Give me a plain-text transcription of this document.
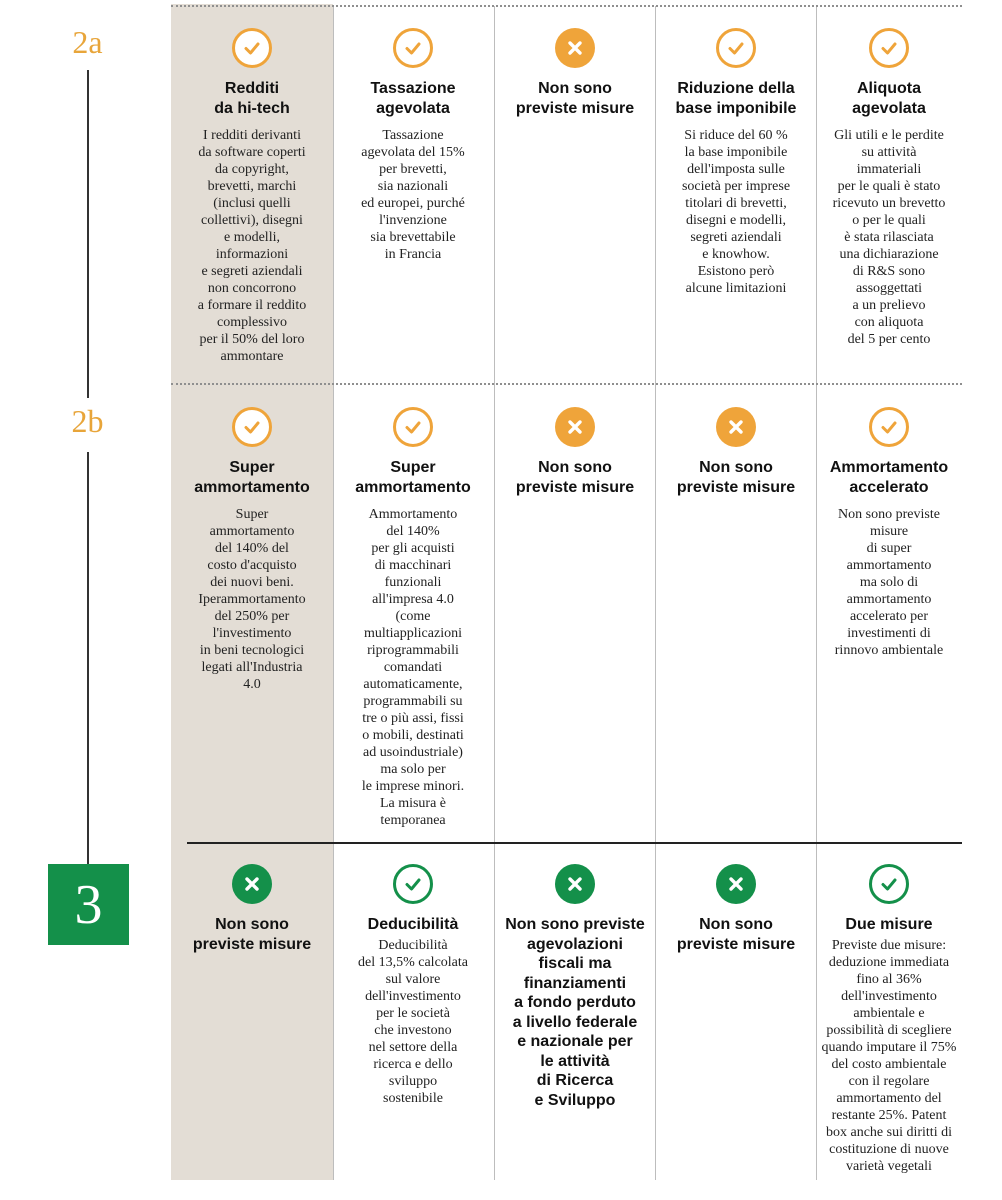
2a
2b
3
Redditi
da hi-tech
I redditi derivanti
da software coperti
da copyright,
brevetti, marchi
(inclusi quelli
collettivi), disegni
e modelli,
informazioni
e segreti aziendali
non concorrono
a formare il reddito
complessivo
per il 50% del loro
ammontare
Tassazione
agevolata
Tassazione
agevolata del 15%
per brevetti,
sia nazionali
ed europei, purché
l'invenzione
sia brevettabile
in Francia
Non sono
previste misure
Riduzione della
base imponibile
Si riduce del 60 %
la base imponibile
dell'imposta sulle
società per imprese
titolari di brevetti,
disegni e modelli,
segreti aziendali
e knowhow.
Esistono però
alcune limitazioni
Aliquota
agevolata
Gli utili e le perdite
su attività
immateriali
per le quali è stato
ricevuto un brevetto
o per le quali
è stata rilasciata
una dichiarazione
di R&S sono
assoggettati
a un prelievo
con aliquota
del 5 per cento
Super
ammortamento
Super
ammortamento
del 140% del
costo d'acquisto
dei nuovi beni.
Iperammortamento
del 250% per
l'investimento
in beni tecnologici
legati all'Industria
4.0
Super
ammortamento
Ammortamento
del 140%
per gli acquisti
di macchinari
funzionali
all'impresa 4.0
(come
multiapplicazioni
riprogrammabili
comandati
automaticamente,
programmabili su
tre o più assi, fissi
o mobili, destinati
ad usoindustriale)
ma solo per
le imprese minori.
La misura è
temporanea
Non sono
previste misure
Non sono
previste misure
Ammortamento
accelerato
Non sono previste
misure
di super
ammortamento
ma solo di
ammortamento
accelerato per
investimenti di
rinnovo ambientale
Non sono
previste misure
Deducibilità
Deducibilità
del 13,5% calcolata
sul valore
dell'investimento
per le società
che investono
nel settore della
ricerca e dello
sviluppo
sostenibile
Non sono previste
agevolazioni
fiscali ma
finanziamenti
a fondo perduto
a livello federale
e nazionale per
le attività
di Ricerca
e Sviluppo
Non sono
previste misure
Due misure
Previste due misure:
deduzione immediata
fino al 36%
dell'investimento
ambientale e
possibilità di scegliere
quando imputare il 75%
del costo ambientale
con il regolare
ammortamento del
restante 25%. Patent
box anche sui diritti di
costituzione di nuove
varietà vegetali
